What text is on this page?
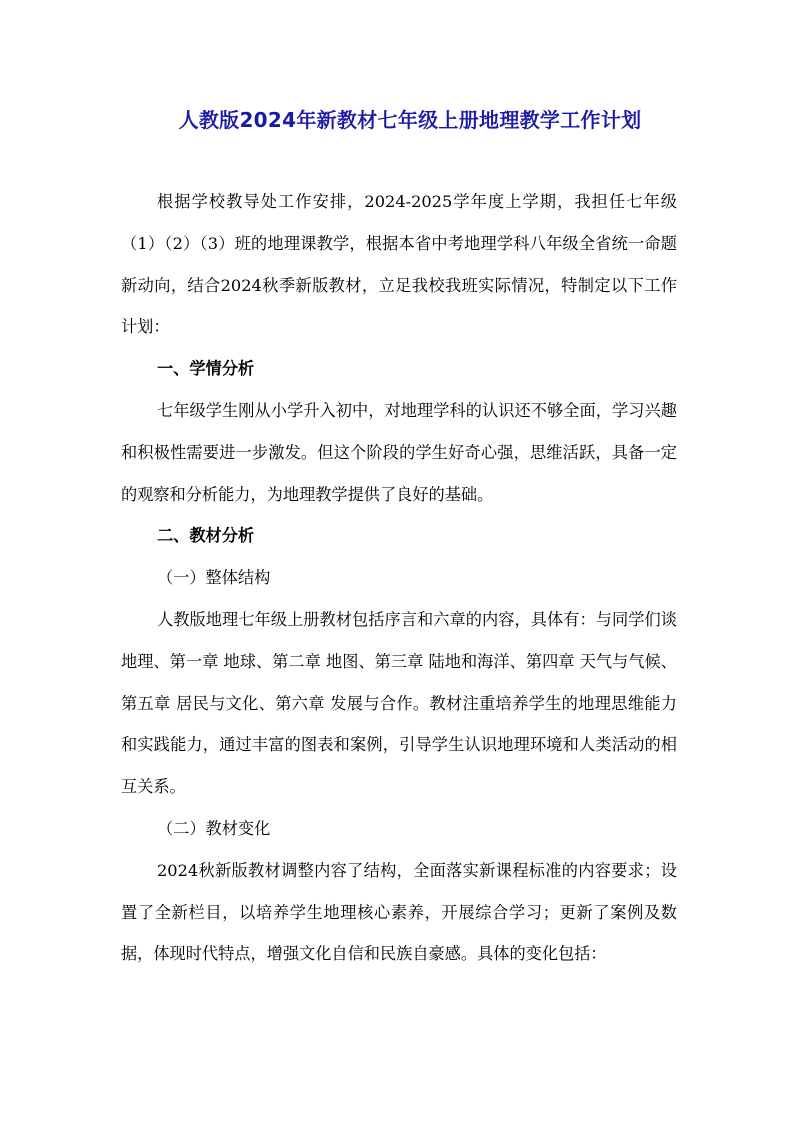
人教版2024年新教材七年级上册地理教学工作计划

根据学校教导处工作安排，2024-2025学年度上学期，我担任七年级（1）（2）（3）班的地理课教学，根据本省中考地理学科八年级全省统一命题新动向，结合2024秋季新版教材，立足我校我班实际情况，特制定以下工作计划：

一、学情分析

七年级学生刚从小学升入初中，对地理学科的认识还不够全面，学习兴趣和积极性需要进一步激发。但这个阶段的学生好奇心强，思维活跃，具备一定的观察和分析能力，为地理教学提供了良好的基础。

二、教材分析

（一）整体结构

人教版地理七年级上册教材包括序言和六章的内容，具体有：与同学们谈地理、第一章 地球、第二章 地图、第三章 陆地和海洋、第四章 天气与气候、第五章 居民与文化、第六章 发展与合作。教材注重培养学生的地理思维能力和实践能力，通过丰富的图表和案例，引导学生认识地理环境和人类活动的相互关系。

（二）教材变化

2024秋新版教材调整内容了结构，全面落实新课程标准的内容要求；设置了全新栏目，以培养学生地理核心素养，开展综合学习；更新了案例及数据，体现时代特点，增强文化自信和民族自豪感。具体的变化包括：
